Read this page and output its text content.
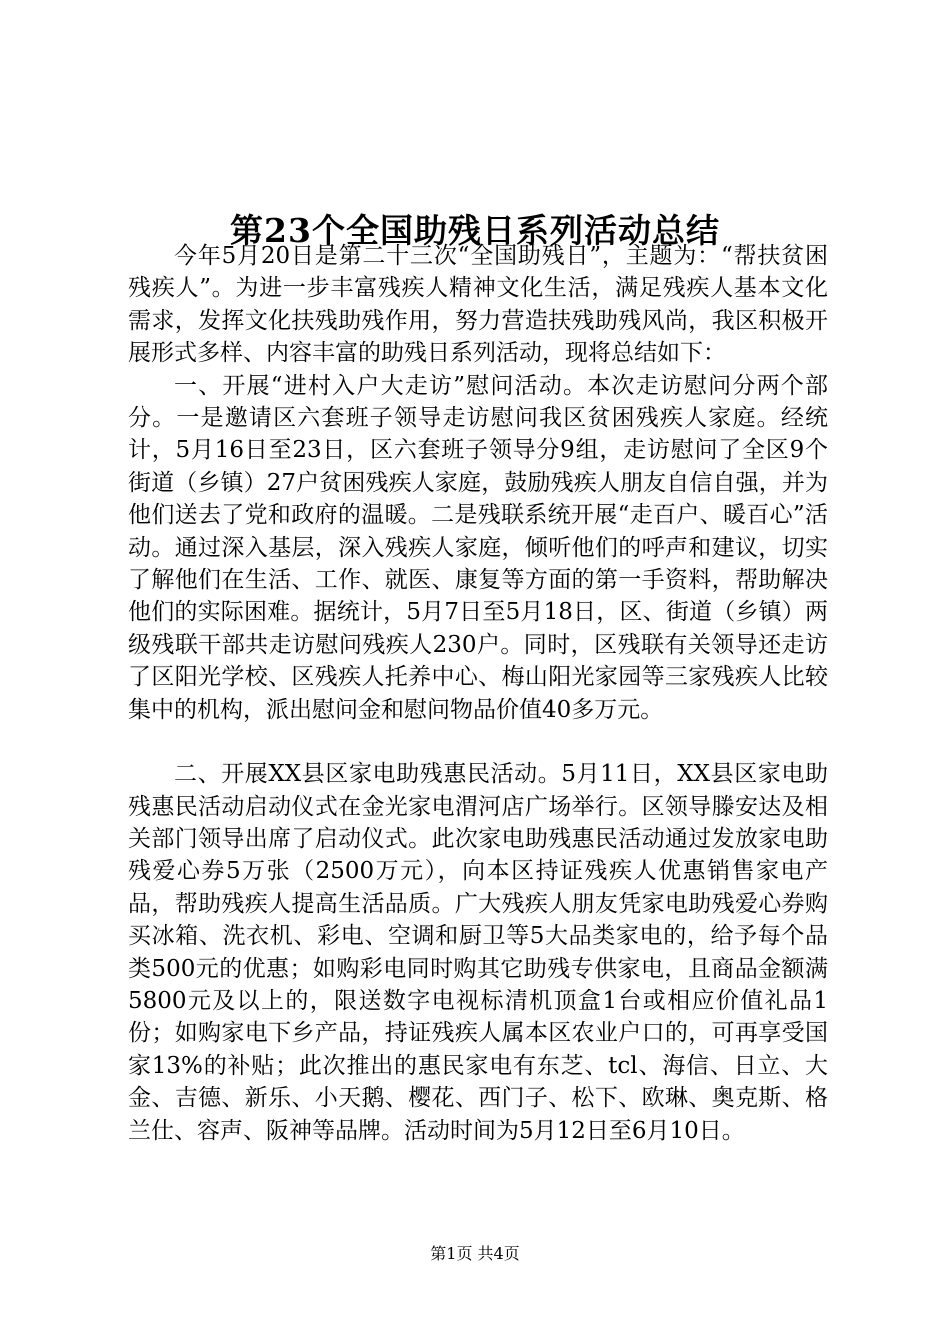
第23个全国助残日系列活动总结

今年5月20日是第二十三次“全国助残日”，主题为：“帮扶贫困残疾人”。为进一步丰富残疾人精神文化生活，满足残疾人基本文化需求，发挥文化扶残助残作用，努力营造扶残助残风尚，我区积极开展形式多样、内容丰富的助残日系列活动，现将总结如下：

一、开展“进村入户大走访”慰问活动。本次走访慰问分两个部分。一是邀请区六套班子领导走访慰问我区贫困残疾人家庭。经统计，5月16日至23日，区六套班子领导分9组，走访慰问了全区9个街道（乡镇）27户贫困残疾人家庭，鼓励残疾人朋友自信自强，并为他们送去了党和政府的温暖。二是残联系统开展“走百户、暖百心”活动。通过深入基层，深入残疾人家庭，倾听他们的呼声和建议，切实了解他们在生活、工作、就医、康复等方面的第一手资料，帮助解决他们的实际困难。据统计，5月7日至5月18日，区、街道（乡镇）两级残联干部共走访慰问残疾人230户。同时，区残联有关领导还走访了区阳光学校、区残疾人托养中心、梅山阳光家园等三家残疾人比较集中的机构，派出慰问金和慰问物品价值40多万元。

二、开展XX县区家电助残惠民活动。5月11日，XX县区家电助残惠民活动启动仪式在金光家电渭河店广场举行。区领导滕安达及相关部门领导出席了启动仪式。此次家电助残惠民活动通过发放家电助残爱心券5万张（2500万元），向本区持证残疾人优惠销售家电产品，帮助残疾人提高生活品质。广大残疾人朋友凭家电助残爱心券购买冰箱、洗衣机、彩电、空调和厨卫等5大品类家电的，给予每个品类500元的优惠；如购彩电同时购其它助残专供家电，且商品金额满5800元及以上的，限送数字电视标清机顶盒1台或相应价值礼品1份；如购家电下乡产品，持证残疾人属本区农业户口的，可再享受国家13%的补贴；此次推出的惠民家电有东芝、tcl、海信、日立、大金、吉德、新乐、小天鹅、樱花、西门子、松下、欧琳、奥克斯、格兰仕、容声、阪神等品牌。活动时间为5月12日至6月10日。

第1页 共4页
